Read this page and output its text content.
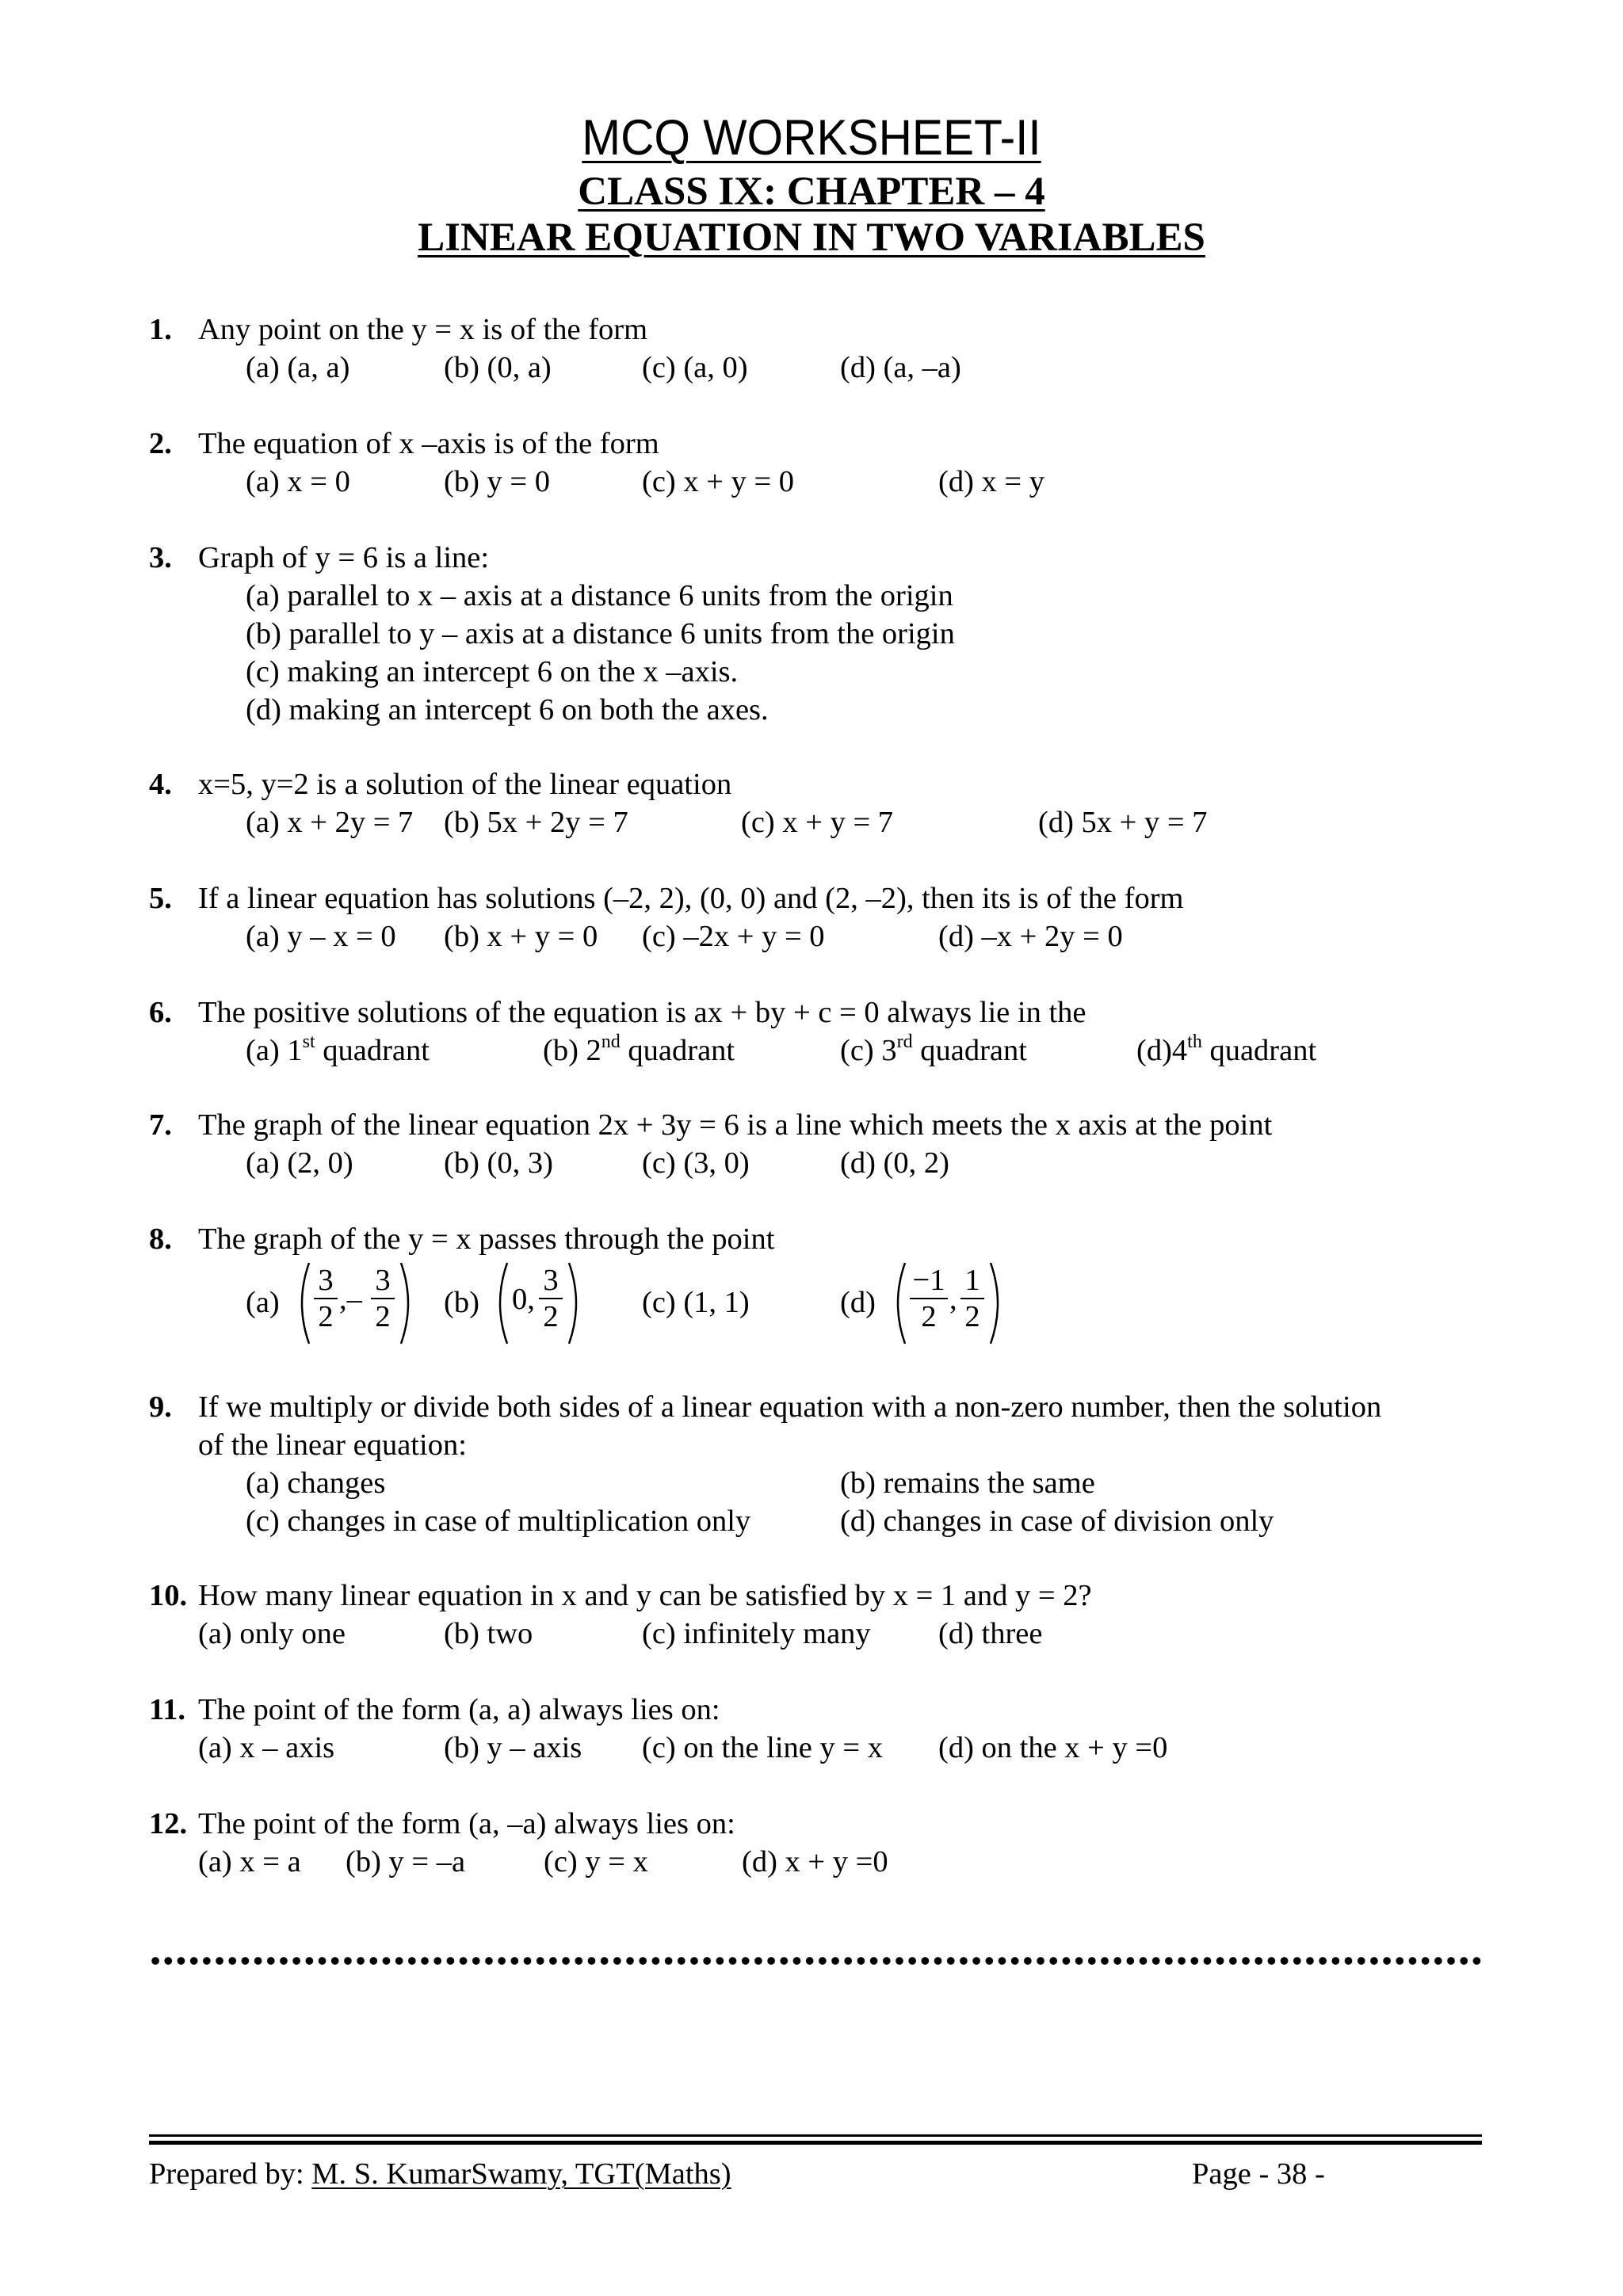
MCQ WORKSHEET-II
CLASS IX: CHAPTER – 4
LINEAR EQUATION IN TWO VARIABLES
1. Any point on the y = x is of the form
(a) (a, a)	(b) (0, a)	(c) (a, 0)	(d) (a, –a)
2. The equation of x –axis is of the form
(a) x = 0	(b) y = 0	(c) x + y = 0	(d) x = y
3. Graph of y = 6 is a line:
(a) parallel to x – axis at a distance 6 units from the origin
(b) parallel to y – axis at a distance 6 units from the origin
(c) making an intercept 6 on the x –axis.
(d) making an intercept 6 on both the axes.
4. x=5, y=2 is a solution of the linear equation
(a) x + 2y = 7 (b) 5x + 2y = 7	(c) x + y = 7	(d) 5x + y = 7
5. If a linear equation has solutions (–2, 2), (0, 0) and (2, –2), then its is of the form
(a) y – x = 0 (b) x + y = 0 (c) –2x + y = 0	(d) –x + 2y = 0
6. The positive solutions of the equation is ax + by + c = 0 always lie in the
(a) 1st quadrant	(b) 2nd quadrant	(c) 3rd quadrant	(d)4th quadrant
7. The graph of the linear equation 2x + 3y = 6 is a line which meets the x axis at the point
(a) (2, 0)	(b) (0, 3)	(c) (3, 0)	(d) (0, 2)
8. The graph of the y = x passes through the point
$(a) \frac{3}{2}$ ,– $\frac{3}{2} (b)$ 0, $\frac{3}{2}$	(c) (1, 1)	$(d) \frac{-1}{2}$ , $\frac{1}{2}$
9. If we multiply or divide both sides of a linear equation with a non-zero number, then the solution
of the linear equation:
(a) changes	(b) remains the same
(c) changes in case of multiplication only	(d) changes in case of division only
10. How many linear equation in x and y can be satisfied by x = 1 and y = 2?
(a) only one	(b) two	(c) infinitely many (d) three
11. The point of the form (a, a) always lies on:
(a) x – axis	(b) y – axis (c) on the line y = x (d) on the x + y =0
12. The point of the form (a, –a) always lies on:
(a) x = a (b) y = –a	(c) y = x	(d) x + y =0
Prepared by: M. S. KumarSwamy, TGT(Maths)	Page - 38 -
